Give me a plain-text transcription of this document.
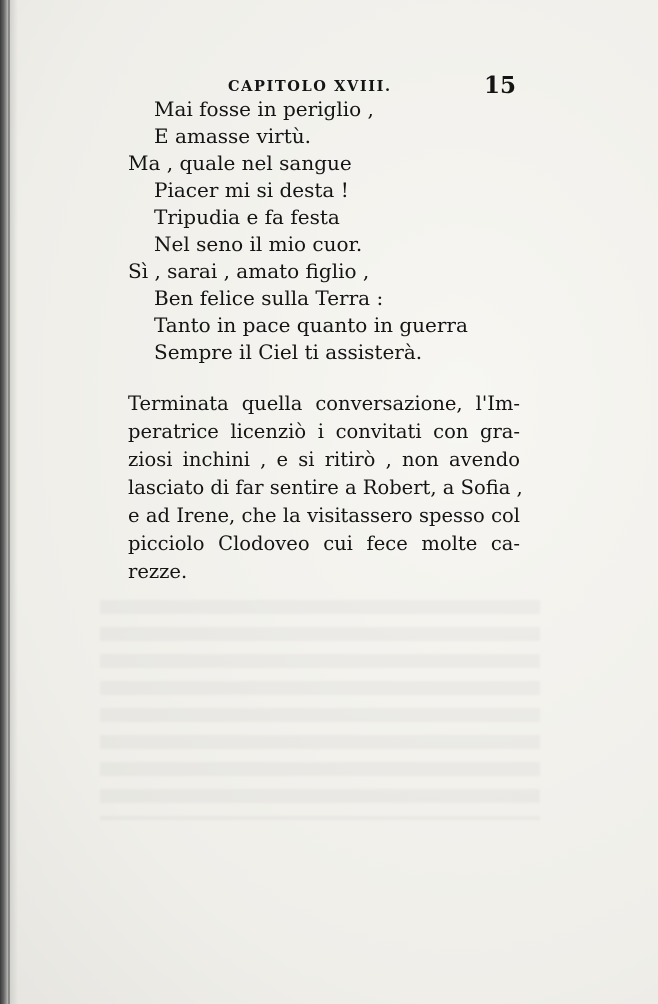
CAPITOLO XVIII.	15
Mai fosse in periglio ,
E amasse virtù.
Ma , quale nel sangue
Piacer mi si desta !
Tripudia e fa festa
Nel seno il mio cuor.
Sì , sarai , amato figlio ,
Ben felice sulla Terra :
Tanto in pace quanto in guerra
Sempre il Ciel ti assisterà.
Terminata quella conversazione, l'Im-
peratrice licenziò i convitati con gra-
ziosi inchini , e si ritirò , non avendo
lasciato di far sentire a Robert, a Sofia ,
e ad Irene, che la visitassero spesso col
picciolo Clodoveo cui fece molte ca-
rezze.
